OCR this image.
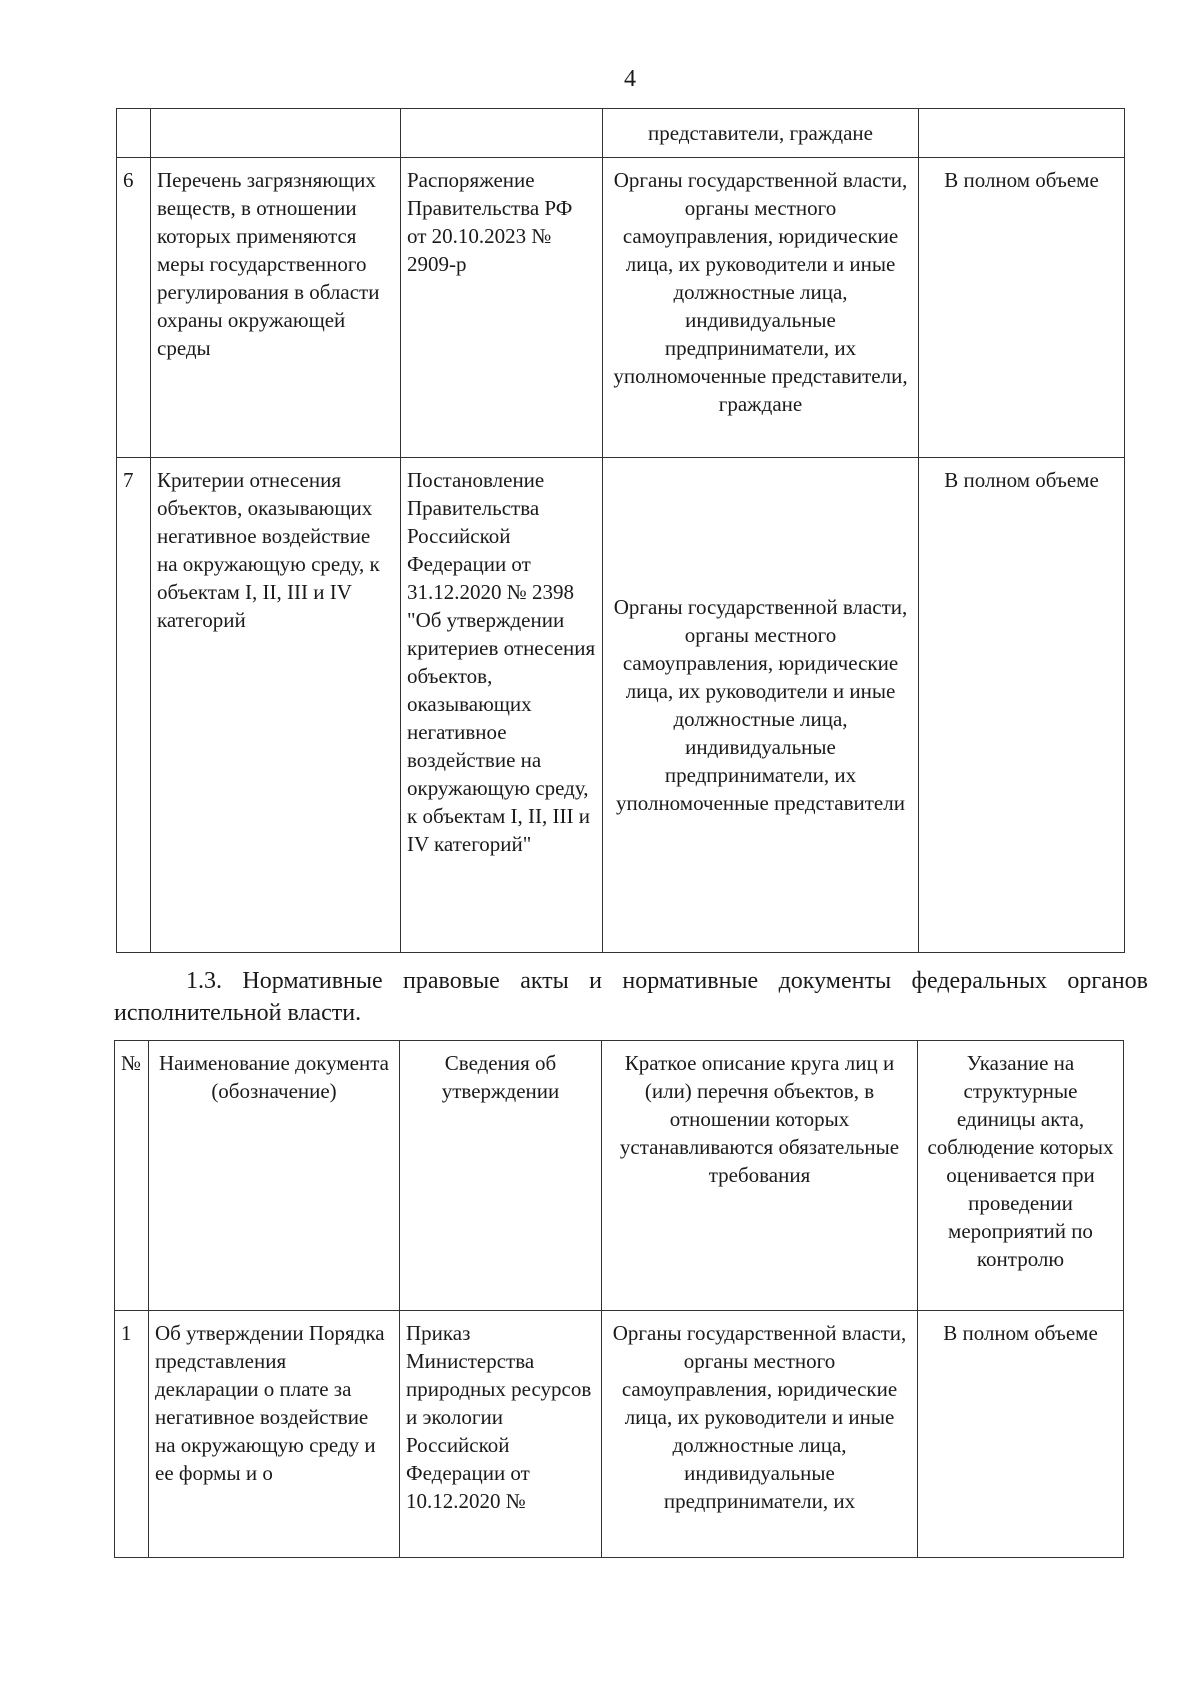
4

			представители, граждане	

6	Перечень загрязняющих веществ, в отношении которых применяются меры государственного регулирования в области охраны окружающей среды	Распоряжение Правительства РФ от 20.10.2023 № 2909-р	Органы государственной власти, органы местного самоуправления, юридические лица, их руководители и иные должностные лица, индивидуальные предприниматели, их уполномоченные представители, граждане	В полном объеме

7	Критерии отнесения объектов, оказывающих негативное воздействие на окружающую среду, к объектам I, II, III и IV категорий	Постановление Правительства Российской Федерации от 31.12.2020 № 2398 "Об утверждении критериев отнесения объектов, оказывающих негативное воздействие на окружающую среду, к объектам I, II, III и IV категорий"	Органы государственной власти, органы местного самоуправления, юридические лица, их руководители и иные должностные лица, индивидуальные предприниматели, их уполномоченные представители	В полном объеме
1.3. Нормативные правовые акты и нормативные документы федеральных органов исполнительной власти.
№	Наименование документа (обозначение)	Сведения об утверждении	Краткое описание круга лиц и (или) перечня объектов, в отношении которых устанавливаются обязательные требования	Указание на структурные единицы акта, соблюдение которых оценивается при проведении мероприятий по контролю

1	Об утверждении Порядка представления декларации о плате за негативное воздействие на окружающую среду и ее формы и о	Приказ Министерства природных ресурсов и экологии Российской Федерации от 10.12.2020 №	Органы государственной власти, органы местного самоуправления, юридические лица, их руководители и иные должностные лица, индивидуальные предприниматели, их	В полном объеме
